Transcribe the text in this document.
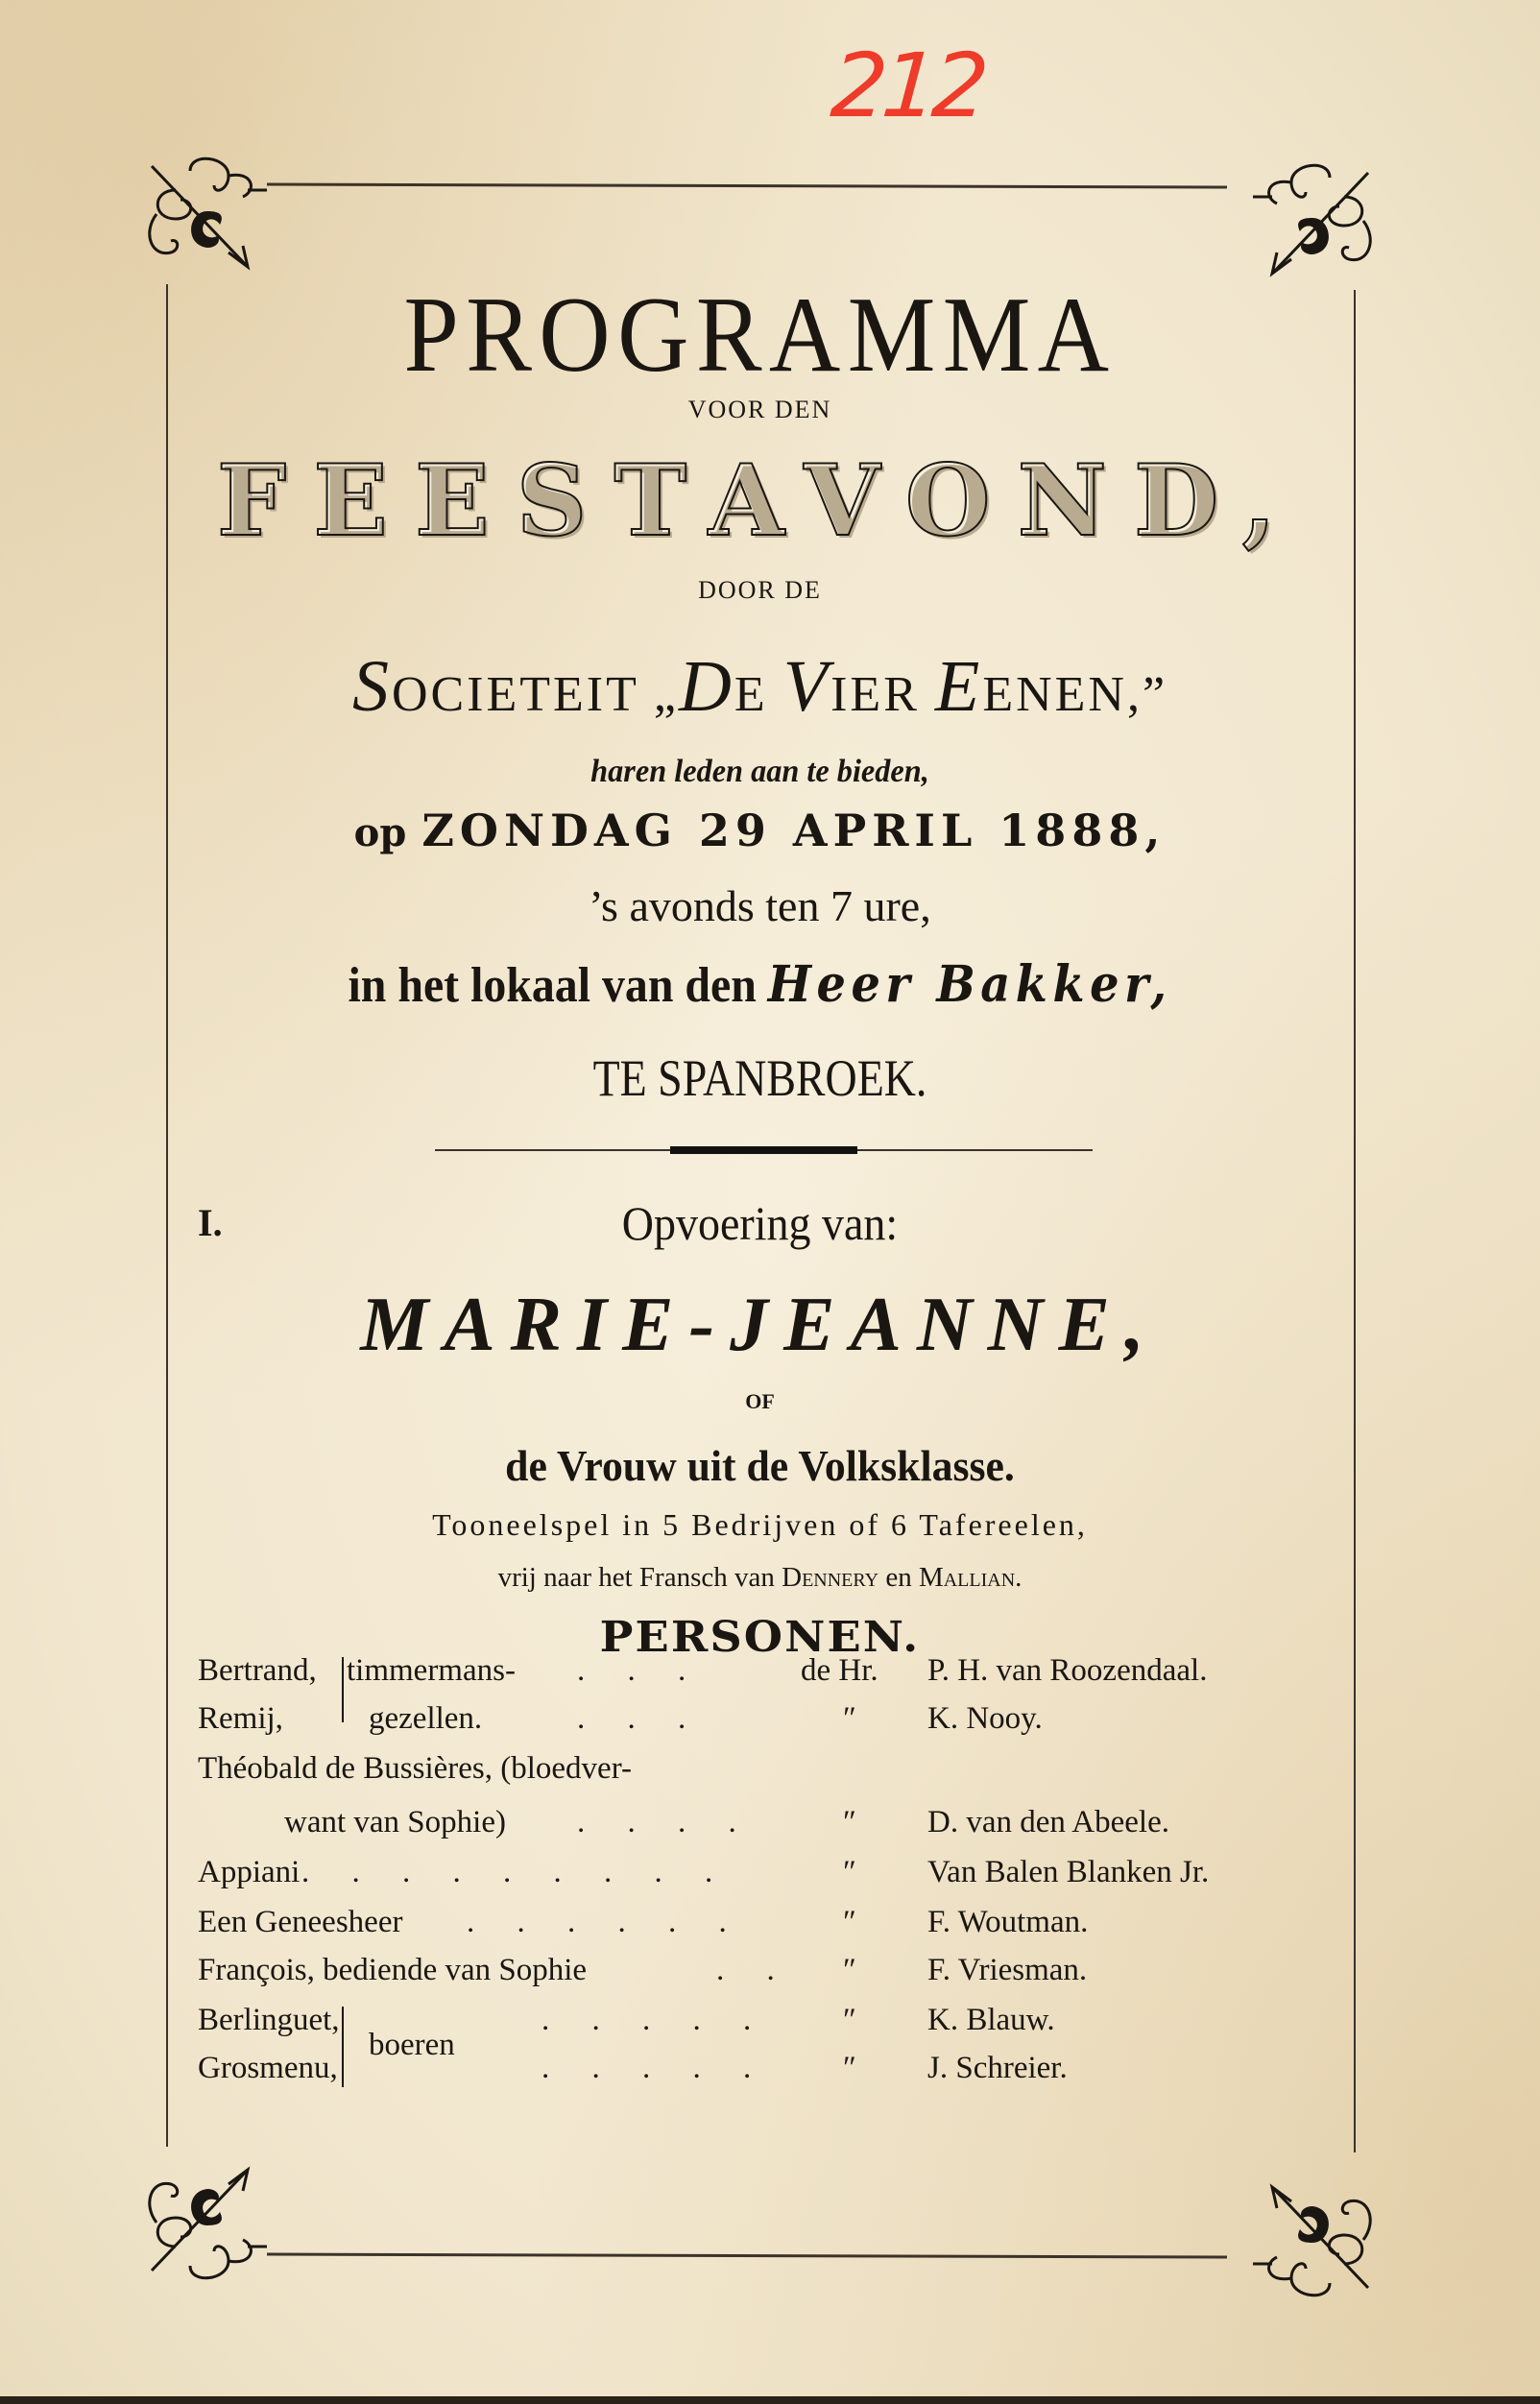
212
PROGRAMMA
VOOR DEN
FEESTAVOND,
DOOR DE
SOCIETEIT „DE VIER EENEN,”
haren leden aan te bieden,
op ZONDAG 29 APRIL 1888,
’s avonds ten 7 ure,
in het lokaal van den Heer Bakker,
TE SPANBROEK.
I.	Opvoering van:
MARIE-JEANNE,
OF
de Vrouw uit de Volksklasse.
Tooneelspel in 5 Bedrijven of 6 Tafereelen,
vrij naar het Fransch van Dennery en Mallian.
PERSONEN.
Bertrand, timmermans- . . .	de Hr. P. H. van Roozendaal.
Remij,	gezellen.	. . .	″ K. Nooy.
Théobald de Bussières, (bloedver-
want van Sophie) . . . .	″ D. van den Abeele.
Appiani . . . . . . . . .	″ Van Balen Blanken Jr.
Een Geneesheer . . . . . .	″ F. Woutman.
François, bediende van Sophie	. . ″ F. Vriesman.
Berlinguet,	. . . . . ″ K. Blauw.
boeren
Grosmenu,	. . . . . ″ J. Schreier.
